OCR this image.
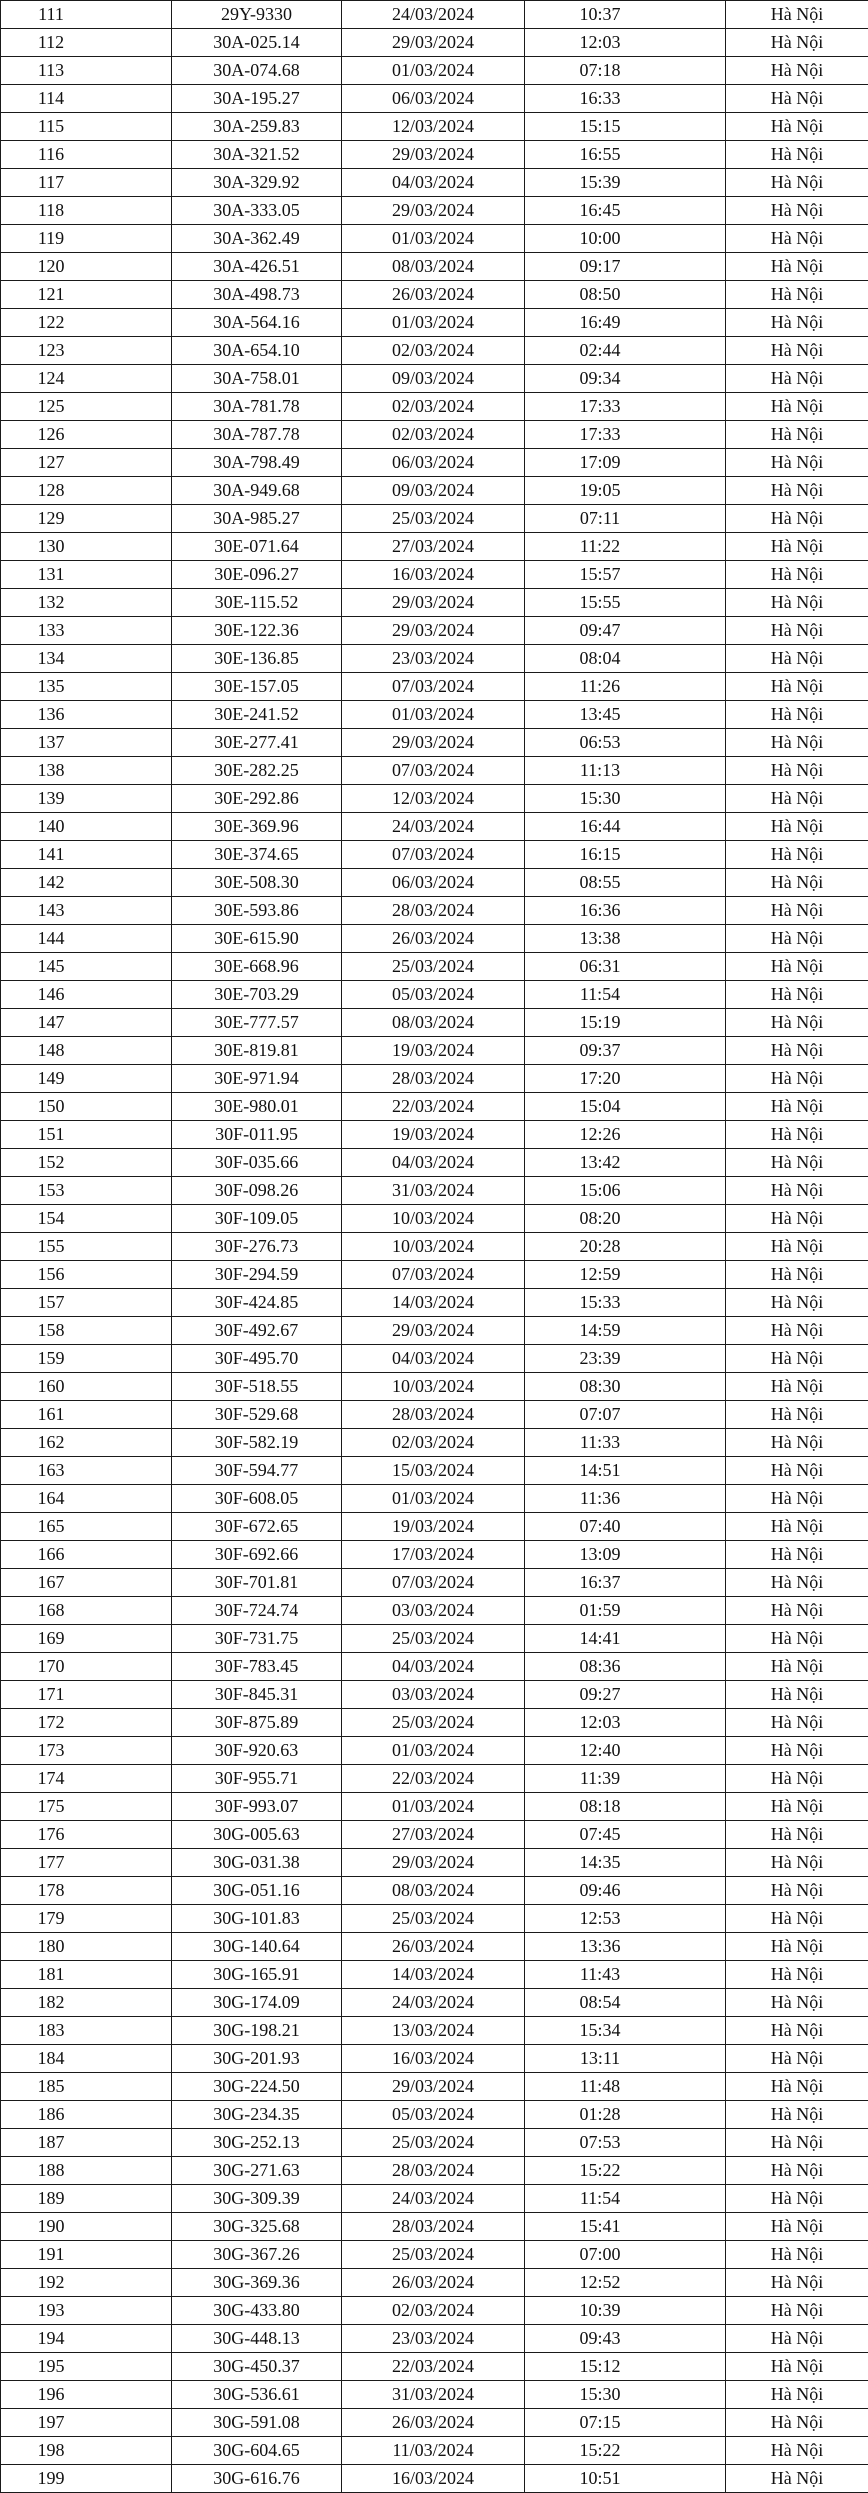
111	29Y-9330	24/03/2024	10:37	Hà Nội
112	30A-025.14	29/03/2024	12:03	Hà Nội
113	30A-074.68	01/03/2024	07:18	Hà Nội
114	30A-195.27	06/03/2024	16:33	Hà Nội
115	30A-259.83	12/03/2024	15:15	Hà Nội
116	30A-321.52	29/03/2024	16:55	Hà Nội
117	30A-329.92	04/03/2024	15:39	Hà Nội
118	30A-333.05	29/03/2024	16:45	Hà Nội
119	30A-362.49	01/03/2024	10:00	Hà Nội
120	30A-426.51	08/03/2024	09:17	Hà Nội
121	30A-498.73	26/03/2024	08:50	Hà Nội
122	30A-564.16	01/03/2024	16:49	Hà Nội
123	30A-654.10	02/03/2024	02:44	Hà Nội
124	30A-758.01	09/03/2024	09:34	Hà Nội
125	30A-781.78	02/03/2024	17:33	Hà Nội
126	30A-787.78	02/03/2024	17:33	Hà Nội
127	30A-798.49	06/03/2024	17:09	Hà Nội
128	30A-949.68	09/03/2024	19:05	Hà Nội
129	30A-985.27	25/03/2024	07:11	Hà Nội
130	30E-071.64	27/03/2024	11:22	Hà Nội
131	30E-096.27	16/03/2024	15:57	Hà Nội
132	30E-115.52	29/03/2024	15:55	Hà Nội
133	30E-122.36	29/03/2024	09:47	Hà Nội
134	30E-136.85	23/03/2024	08:04	Hà Nội
135	30E-157.05	07/03/2024	11:26	Hà Nội
136	30E-241.52	01/03/2024	13:45	Hà Nội
137	30E-277.41	29/03/2024	06:53	Hà Nội
138	30E-282.25	07/03/2024	11:13	Hà Nội
139	30E-292.86	12/03/2024	15:30	Hà Nội
140	30E-369.96	24/03/2024	16:44	Hà Nội
141	30E-374.65	07/03/2024	16:15	Hà Nội
142	30E-508.30	06/03/2024	08:55	Hà Nội
143	30E-593.86	28/03/2024	16:36	Hà Nội
144	30E-615.90	26/03/2024	13:38	Hà Nội
145	30E-668.96	25/03/2024	06:31	Hà Nội
146	30E-703.29	05/03/2024	11:54	Hà Nội
147	30E-777.57	08/03/2024	15:19	Hà Nội
148	30E-819.81	19/03/2024	09:37	Hà Nội
149	30E-971.94	28/03/2024	17:20	Hà Nội
150	30E-980.01	22/03/2024	15:04	Hà Nội
151	30F-011.95	19/03/2024	12:26	Hà Nội
152	30F-035.66	04/03/2024	13:42	Hà Nội
153	30F-098.26	31/03/2024	15:06	Hà Nội
154	30F-109.05	10/03/2024	08:20	Hà Nội
155	30F-276.73	10/03/2024	20:28	Hà Nội
156	30F-294.59	07/03/2024	12:59	Hà Nội
157	30F-424.85	14/03/2024	15:33	Hà Nội
158	30F-492.67	29/03/2024	14:59	Hà Nội
159	30F-495.70	04/03/2024	23:39	Hà Nội
160	30F-518.55	10/03/2024	08:30	Hà Nội
161	30F-529.68	28/03/2024	07:07	Hà Nội
162	30F-582.19	02/03/2024	11:33	Hà Nội
163	30F-594.77	15/03/2024	14:51	Hà Nội
164	30F-608.05	01/03/2024	11:36	Hà Nội
165	30F-672.65	19/03/2024	07:40	Hà Nội
166	30F-692.66	17/03/2024	13:09	Hà Nội
167	30F-701.81	07/03/2024	16:37	Hà Nội
168	30F-724.74	03/03/2024	01:59	Hà Nội
169	30F-731.75	25/03/2024	14:41	Hà Nội
170	30F-783.45	04/03/2024	08:36	Hà Nội
171	30F-845.31	03/03/2024	09:27	Hà Nội
172	30F-875.89	25/03/2024	12:03	Hà Nội
173	30F-920.63	01/03/2024	12:40	Hà Nội
174	30F-955.71	22/03/2024	11:39	Hà Nội
175	30F-993.07	01/03/2024	08:18	Hà Nội
176	30G-005.63	27/03/2024	07:45	Hà Nội
177	30G-031.38	29/03/2024	14:35	Hà Nội
178	30G-051.16	08/03/2024	09:46	Hà Nội
179	30G-101.83	25/03/2024	12:53	Hà Nội
180	30G-140.64	26/03/2024	13:36	Hà Nội
181	30G-165.91	14/03/2024	11:43	Hà Nội
182	30G-174.09	24/03/2024	08:54	Hà Nội
183	30G-198.21	13/03/2024	15:34	Hà Nội
184	30G-201.93	16/03/2024	13:11	Hà Nội
185	30G-224.50	29/03/2024	11:48	Hà Nội
186	30G-234.35	05/03/2024	01:28	Hà Nội
187	30G-252.13	25/03/2024	07:53	Hà Nội
188	30G-271.63	28/03/2024	15:22	Hà Nội
189	30G-309.39	24/03/2024	11:54	Hà Nội
190	30G-325.68	28/03/2024	15:41	Hà Nội
191	30G-367.26	25/03/2024	07:00	Hà Nội
192	30G-369.36	26/03/2024	12:52	Hà Nội
193	30G-433.80	02/03/2024	10:39	Hà Nội
194	30G-448.13	23/03/2024	09:43	Hà Nội
195	30G-450.37	22/03/2024	15:12	Hà Nội
196	30G-536.61	31/03/2024	15:30	Hà Nội
197	30G-591.08	26/03/2024	07:15	Hà Nội
198	30G-604.65	11/03/2024	15:22	Hà Nội
199	30G-616.76	16/03/2024	10:51	Hà Nội
